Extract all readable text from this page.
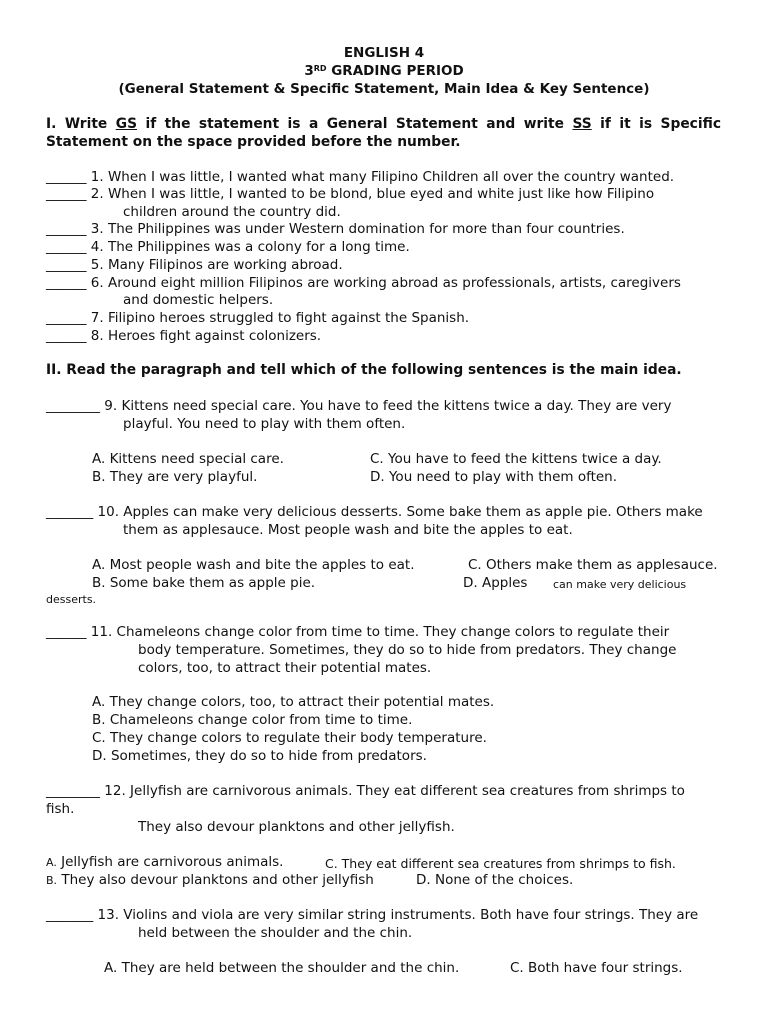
ENGLISH 4
3RD GRADING PERIOD
(General Statement & Specific Statement, Main Idea & Key Sentence)
I. Write GS if the statement is a General Statement and write SS if it is Specific
Statement on the space provided before the number.
______ 1. When I was little, I wanted what many Filipino Children all over the country wanted.
______ 2. When I was little, I wanted to be blond, blue eyed and white just like how Filipino
children around the country did.
______ 3. The Philippines was under Western domination for more than four countries.
______ 4. The Philippines was a colony for a long time.
______ 5. Many Filipinos are working abroad.
______ 6. Around eight million Filipinos are working abroad as professionals, artists, caregivers
and domestic helpers.
______ 7. Filipino heroes struggled to fight against the Spanish.
______ 8. Heroes fight against colonizers.
II. Read the paragraph and tell which of the following sentences is the main idea.
________ 9. Kittens need special care. You have to feed the kittens twice a day. They are very
playful. You need to play with them often.
A. Kittens need special care.	C. You have to feed the kittens twice a day.
B. They are very playful.	D. You need to play with them often.
_______ 10. Apples can make very delicious desserts. Some bake them as apple pie. Others make
them as applesauce. Most people wash and bite the apples to eat.
A. Most people wash and bite the apples to eat.	C. Others make them as applesauce.
B. Some bake them as apple pie.	D. Apples can make very delicious
desserts.
______ 11. Chameleons change color from time to time. They change colors to regulate their
body temperature. Sometimes, they do so to hide from predators. They change
colors, too, to attract their potential mates.
A. They change colors, too, to attract their potential mates.
B. Chameleons change color from time to time.
C. They change colors to regulate their body temperature.
D. Sometimes, they do so to hide from predators.
________ 12. Jellyfish are carnivorous animals. They eat different sea creatures from shrimps to
fish.
They also devour planktons and other jellyfish.
A. Jellyfish are carnivorous animals.	C. They eat different sea creatures from shrimps to fish.
B. They also devour planktons and other jellyfish	D. None of the choices.
_______ 13. Violins and viola are very similar string instruments. Both have four strings. They are
held between the shoulder and the chin.
A. They are held between the shoulder and the chin.	C. Both have four strings.
